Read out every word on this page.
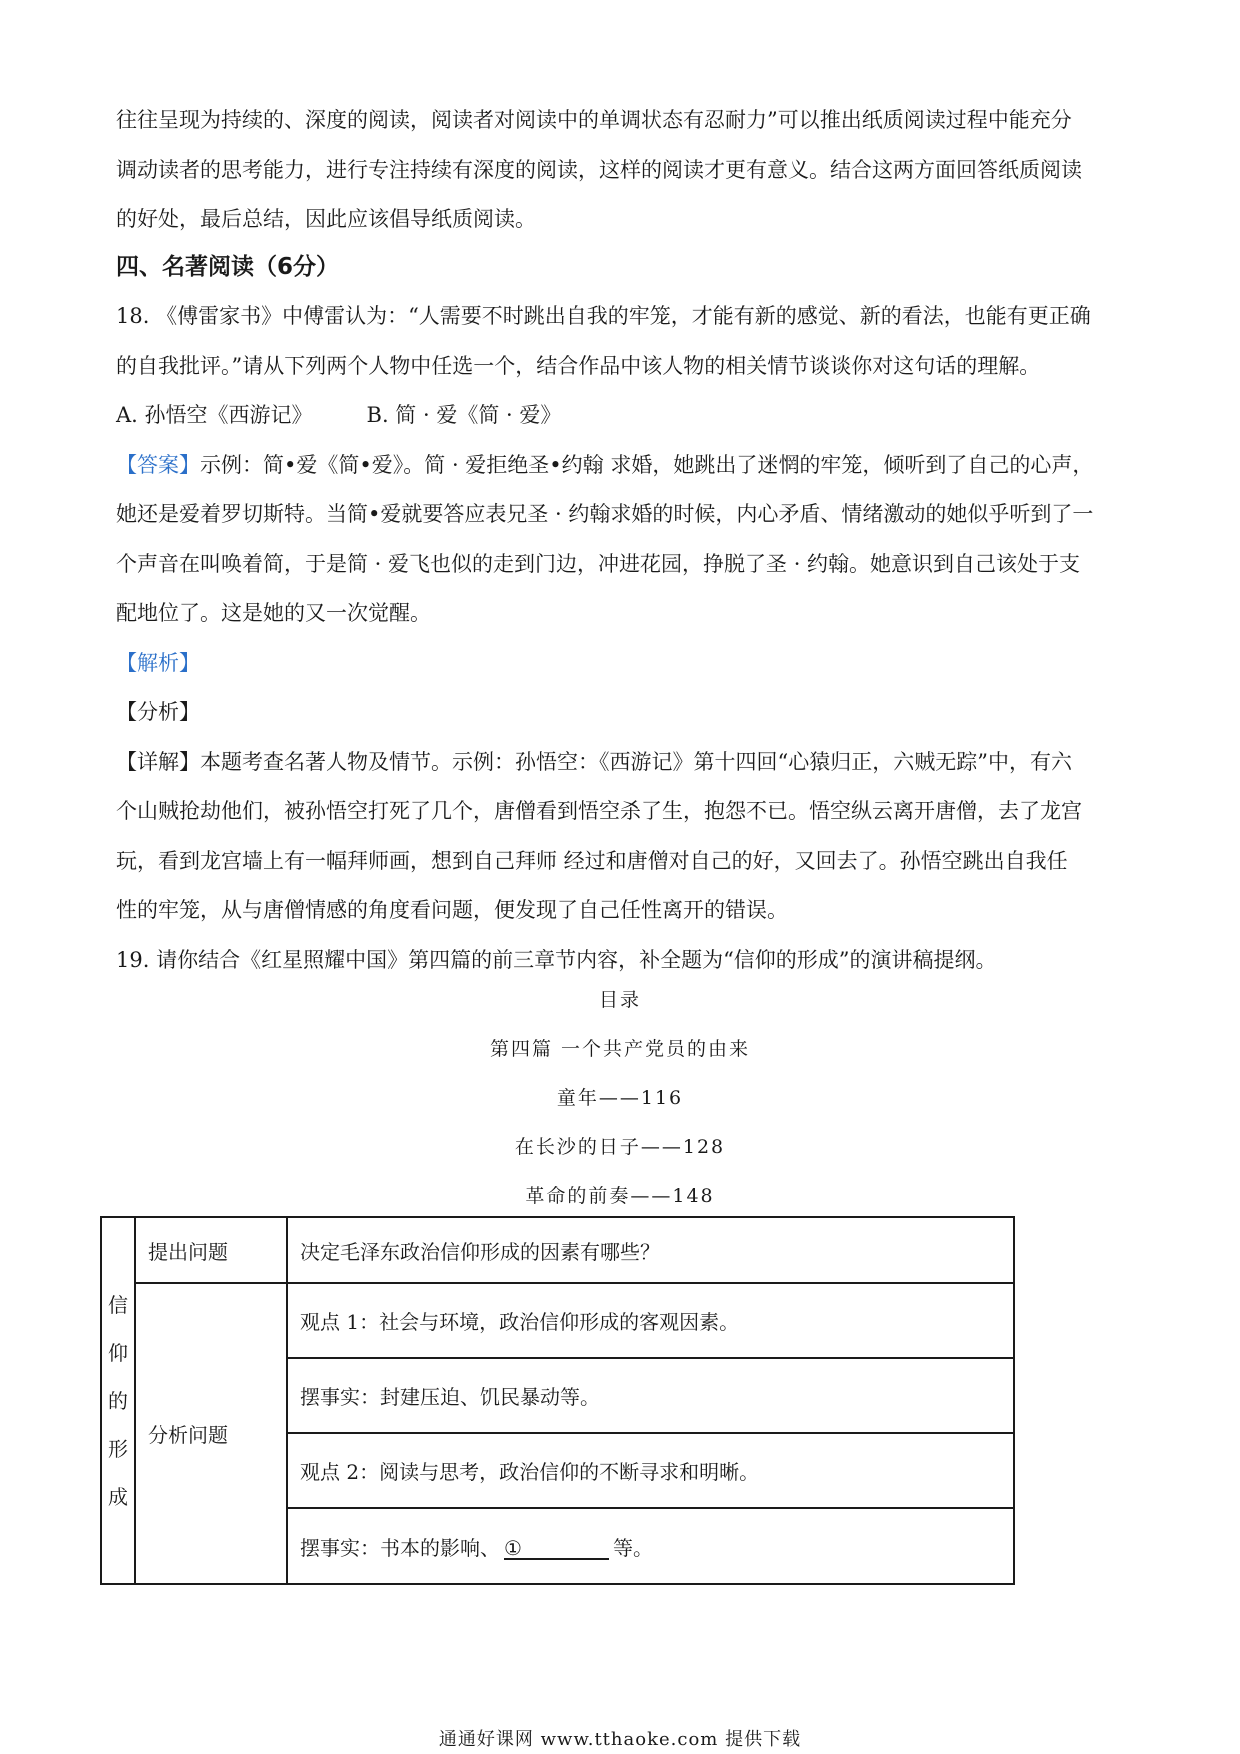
往往呈现为持续的、深度的阅读，阅读者对阅读中的单调状态有忍耐力”可以推出纸质阅读过程中能充分
调动读者的思考能力，进行专注持续有深度的阅读，这样的阅读才更有意义。结合这两方面回答纸质阅读
的好处，最后总结，因此应该倡导纸质阅读。

四、名著阅读（6分）

18. 《傅雷家书》中傅雷认为：“人需要不时跳出自我的牢笼，才能有新的感觉、新的看法，也能有更正确
的自我批评。”请从下列两个人物中任选一个，结合作品中该人物的相关情节谈谈你对这句话的理解。
A. 孙悟空《西游记》	B. 简 · 爱《简 · 爱》
【答案】示例：简•爱《简•爱》。简 · 爱拒绝圣•约翰 求婚，她跳出了迷惘的牢笼，倾听到了自己的心声，
她还是爱着罗切斯特。当简•爱就要答应表兄圣 · 约翰求婚的时候，内心矛盾、情绪激动的她似乎听到了一
个声音在叫唤着简，于是简 · 爱飞也似的走到门边，冲进花园，挣脱了圣 · 约翰。她意识到自己该处于支
配地位了。这是她的又一次觉醒。
【解析】
【分析】
【详解】本题考查名著人物及情节。示例：孙悟空：《西游记》第十四回“心猿归正，六贼无踪”中，有六
个山贼抢劫他们，被孙悟空打死了几个，唐僧看到悟空杀了生，抱怨不已。悟空纵云离开唐僧，去了龙宫
玩，看到龙宫墙上有一幅拜师画，想到自己拜师 经过和唐僧对自己的好，又回去了。孙悟空跳出自我任
性的牢笼，从与唐僧情感的角度看问题，便发现了自己任性离开的错误。
19. 请你结合《红星照耀中国》第四篇的前三章节内容，补全题为“信仰的形成”的演讲稿提纲。

目录

第四篇 一个共产党员的由来

童年——116

在长沙的日子——128

革命的前奏——148

信
仰
的
形
成	提出问题	决定毛泽东政治信仰形成的因素有哪些？
	分析问题	观点 1：社会与环境，政治信仰形成的客观因素。
		摆事实：封建压迫、饥民暴动等。
		观点 2：阅读与思考，政治信仰的不断寻求和明晰。
		摆事实：书本的影响、 ① 等。
通通好课网 www.tthaoke.com 提供下载
